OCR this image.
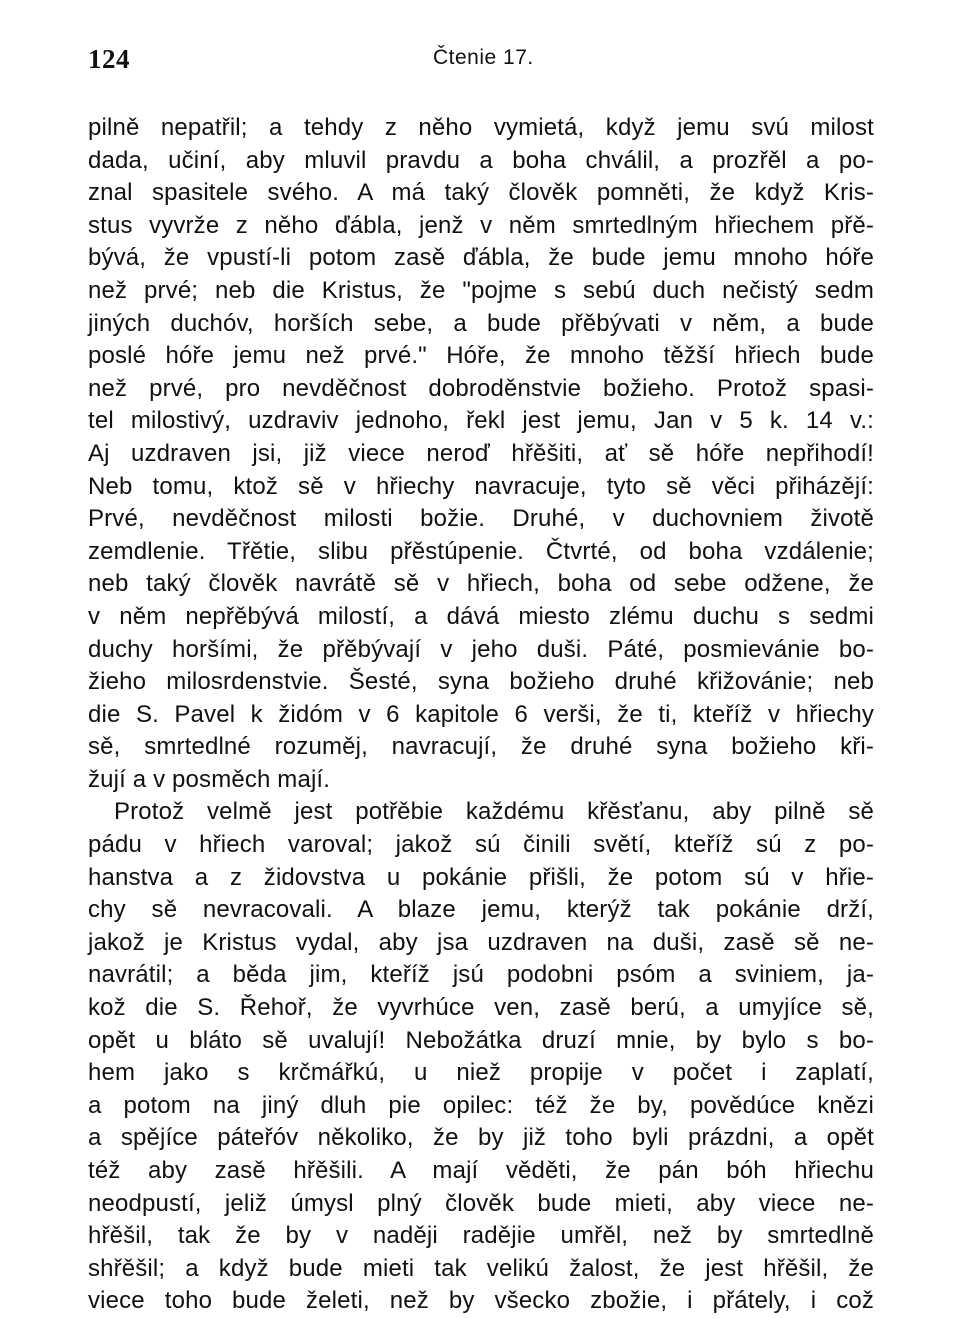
124	Čtenie 17.
pilně nepatřil; a tehdy z něho vymietá, když jemu svú milost
dada, učiní, aby mluvil pravdu a boha chválil, a prozřěl a po-
znal spasitele svého. A má taký člověk pomněti, že když Kris-
stus vyvrže z něho ďábla, jenž v něm smrtedlným hřiechem přě-
bývá, že vpustí-li potom zasě ďábla, že bude jemu mnoho hóře
než prvé; neb die Kristus, že "pojme s sebú duch nečistý sedm
jiných duchóv, horších sebe, a bude přěbývati v něm, a bude
poslé hóře jemu než prvé." Hóře, že mnoho těžší hřiech bude
než prvé, pro nevděčnost dobroděnstvie božieho. Protož spasi-
tel milostivý, uzdraviv jednoho, řekl jest jemu, Jan v 5 k. 14 v.:
Aj uzdraven jsi, již viece neroď hřěšiti, ať sě hóře nepřihodí!
Neb tomu, ktož sě v hřiechy navracuje, tyto sě věci přiházějí:
Prvé, nevděčnost milosti božie. Druhé, v duchovniem životě
zemdlenie. Třětie, slibu přěstúpenie. Čtvrté, od boha vzdálenie;
neb taký člověk navrátě sě v hřiech, boha od sebe odžene, že
v něm nepřěbývá milostí, a dává miesto zlému duchu s sedmi
duchy horšími, že přěbývají v jeho duši. Páté, posmievánie bo-
žieho milosrdenstvie. Šesté, syna božieho druhé křižovánie; neb
die S. Pavel k židóm v 6 kapitole 6 verši, že ti, kteříž v hřiechy
sě, smrtedlné rozuměj, navracují, že druhé syna božieho kři-
žují a v posměch mají.
Protož velmě jest potřěbie každému křěsťanu, aby pilně sě
pádu v hřiech varoval; jakož sú činili světí, kteříž sú z po-
hanstva a z židovstva u pokánie přišli, že potom sú v hřie-
chy sě nevracovali. A blaze jemu, kterýž tak pokánie drží,
jakož je Kristus vydal, aby jsa uzdraven na duši, zasě sě ne-
navrátil; a běda jim, kteříž jsú podobni psóm a sviniem, ja-
kož die S. Řehoř, že vyvrhúce ven, zasě berú, a umyjíce sě,
opět u bláto sě uvalují! Nebožátka druzí mnie, by bylo s bo-
hem jako s krčmářkú, u niež propije v počet i zaplatí,
a potom na jiný dluh pie opilec: též že by, povědúce knězi
a spějíce páteřóv několiko, že by již toho byli prázdni, a opět
též aby zasě hřěšili. A mají věděti, že pán bóh hřiechu
neodpustí, jeliž úmysl plný člověk bude mieti, aby viece ne-
hřěšil, tak že by v naději radějie umřěl, než by smrtedlně
shřěšil; a když bude mieti tak velikú žalost, že jest hřěšil, že
viece toho bude želeti, než by všecko zbožie, i přátely, i což
